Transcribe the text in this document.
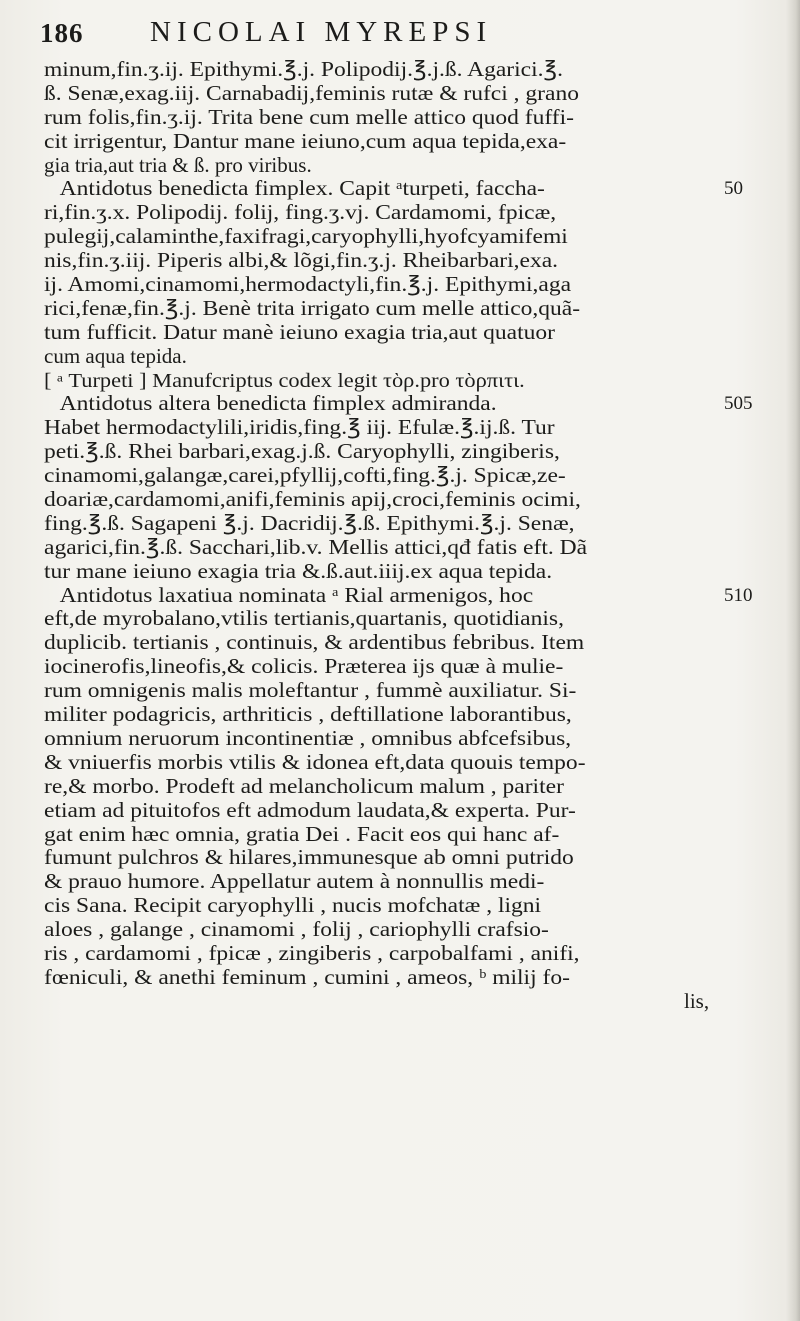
186 NICOLAI MYREPSI
minum,fin.ʒ.ij. Epithymi.℥.j. Polipodij.℥.j.ß. Agarici.℥.
ß. Senæ,exag.iij. Carnabadij,feminis rutæ & rufci , grano
rum folis,fin.ʒ.ij. Trita bene cum melle attico quod fuffi-
cit irrigentur, Dantur mane ieiuno,cum aqua tepida,exa-
gia tria,aut tria & ß. pro viribus.
Antidotus benedicta fimplex. Capit ᵃturpeti, faccha-	50
ri,fin.ʒ.x. Polipodij. folij, fing.ʒ.vj. Cardamomi, fpicæ,
pulegij,calaminthe,faxifragi,caryophylli,hyofcyamifemi
nis,fin.ʒ.iij. Piperis albi,& lõgi,fin.ʒ.j. Rheibarbari,exa.
ij. Amomi,cinamomi,hermodactyli,fin.℥.j. Epithymi,aga
rici,fenæ,fin.℥.j. Benè trita irrigato cum melle attico,quã-
tum fufficit. Datur manè ieiuno exagia tria,aut quatuor
cum aqua tepida.
[ ᵃ Turpeti ] Manufcriptus codex legit τὸρ.pro τὸρπιτι.
Antidotus altera benedicta fimplex admiranda.	505
Habet hermodactylili,iridis,fing.℥ iij. Efulæ.℥.ij.ß. Tur
peti.℥.ß. Rhei barbari,exag.j.ß. Caryophylli, zingiberis,
cinamomi,galangæ,carei,pfyllij,cofti,fing.℥.j. Spicæ,ze-
doariæ,cardamomi,anifi,feminis apij,croci,feminis ocimi,
fing.℥.ß. Sagapeni ℥.j. Dacridij.℥.ß. Epithymi.℥.j. Senæ,
agarici,fin.℥.ß. Sacchari,lib.v. Mellis attici,qđ fatis eft. Dã
tur mane ieiuno exagia tria &.ß.aut.iiij.ex aqua tepida.
Antidotus laxatiua nominata ᵃ Rial armenigos, hoc	510
eft,de myrobalano,vtilis tertianis,quartanis, quotidianis,
duplicib. tertianis , continuis, & ardentibus febribus. Item
iocinerofis,lineofis,& colicis. Præterea ijs quæ à mulie-
rum omnigenis malis moleftantur , fummè auxiliatur. Si-
militer podagricis, arthriticis , deftillatione laborantibus,
omnium neruorum incontinentiæ , omnibus abfcefsibus,
& vniuerfis morbis vtilis & idonea eft,data quouis tempo-
re,& morbo. Prodeft ad melancholicum malum , pariter
etiam ad pituitofos eft admodum laudata,& experta. Pur-
gat enim hæc omnia, gratia Dei . Facit eos qui hanc af-
fumunt pulchros & hilares,immunesque ab omni putrido
& prauo humore. Appellatur autem à nonnullis medi-
cis Sana. Recipit caryophylli , nucis mofchatæ , ligni
aloes , galange , cinamomi , folij , cariophylli crafsio-
ris , cardamomi , fpicæ , zingiberis , carpobalfami , anifi,
fœniculi, & anethi feminum , cumini , ameos, ᵇ milij fo-
lis,
